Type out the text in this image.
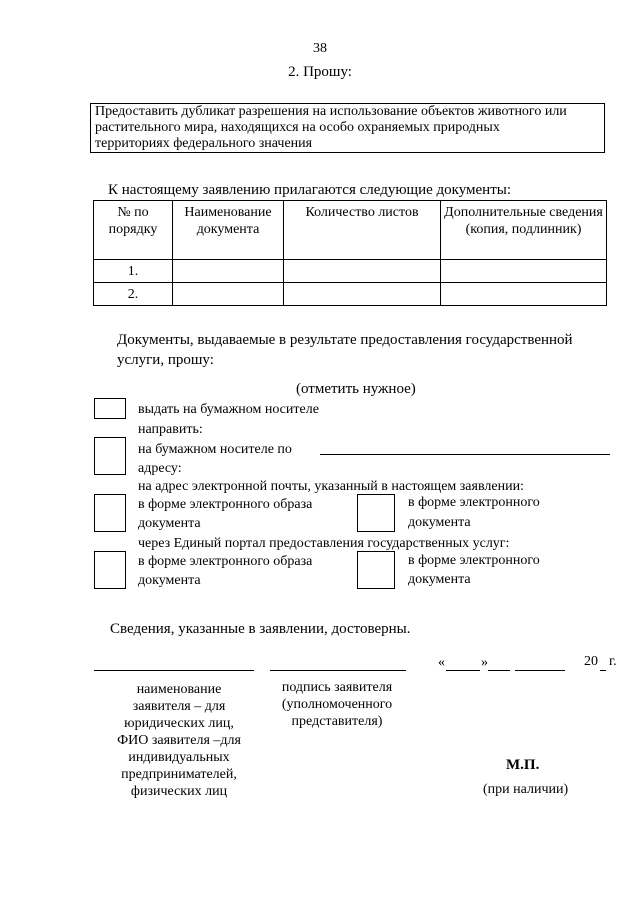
38
2. Прошу:
Предоставить дубликат разрешения на использование объектов животного или
растительного мира, находящихся на особо охраняемых природных
территориях федерального значения
К настоящему заявлению прилагаются следующие документы:
№ по порядку	Наименование документа	Количество листов	Дополнительные сведения (копия, подлинник)
1.			
2.			
Документы, выдаваемые в результате предоставления государственной
услуги, прошу:
(отметить нужное)
выдать на бумажном носителе
направить:
на бумажном носителе по
адресу:
на адрес электронной почты, указанный в настоящем заявлении:
в форме электронного образа
документа
в форме электронного
документа
через Единый портал предоставления государственных услуг:
в форме электронного образа
документа
в форме электронного
документа
Сведения, указанные в заявлении, достоверны.
«	»	20 г.
наименование
заявителя – для
юридических лиц,
ФИО заявителя –для
индивидуальных
предпринимателей,
физических лиц
подпись заявителя
(уполномоченного
представителя)
М.П.
(при наличии)
